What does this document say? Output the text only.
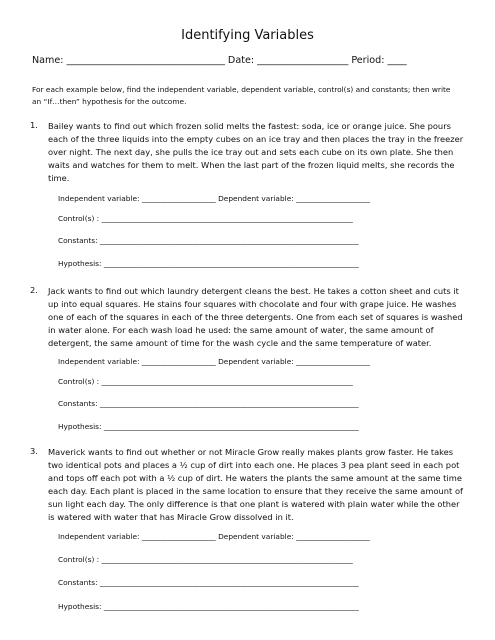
Identifying Variables
Name: _________________________________ Date: ___________________ Period: ____
For each example below, find the independent variable, dependent variable, control(s) and constants; then write an “If…then” hypothesis for the outcome.
1. Bailey wants to find out which frozen solid melts the fastest: soda, ice or orange juice. She pours each of the three liquids into the empty cubes on an ice tray and then places the tray in the freezer over night. The next day, she pulls the ice tray out and sets each cube on its own plate. She then waits and watches for them to melt. When the last part of the frozen liquid melts, she records the time.
Independent variable: ____________________ Dependent variable: ____________________
Control(s) : ____________________________________________________________________
Constants: ______________________________________________________________________
Hypothesis: _____________________________________________________________________
2. Jack wants to find out which laundry detergent cleans the best. He takes a cotton sheet and cuts it up into equal squares. He stains four squares with chocolate and four with grape juice. He washes one of each of the squares in each of the three detergents. One from each set of squares is washed in water alone. For each wash load he used: the same amount of water, the same amount of detergent, the same amount of time for the wash cycle and the same temperature of water.
Independent variable: ____________________ Dependent variable: ____________________
Control(s) : ____________________________________________________________________
Constants: ______________________________________________________________________
Hypothesis: _____________________________________________________________________
3. Maverick wants to find out whether or not Miracle Grow really makes plants grow faster. He takes two identical pots and places a ½ cup of dirt into each one. He places 3 pea plant seed in each pot and tops off each pot with a ½ cup of dirt. He waters the plants the same amount at the same time each day. Each plant is placed in the same location to ensure that they receive the same amount of sun light each day. The only difference is that one plant is watered with plain water while the other is watered with water that has Miracle Grow dissolved in it.
Independent variable: ____________________ Dependent variable: ____________________
Control(s) : ____________________________________________________________________
Constants: ______________________________________________________________________
Hypothesis: _____________________________________________________________________
